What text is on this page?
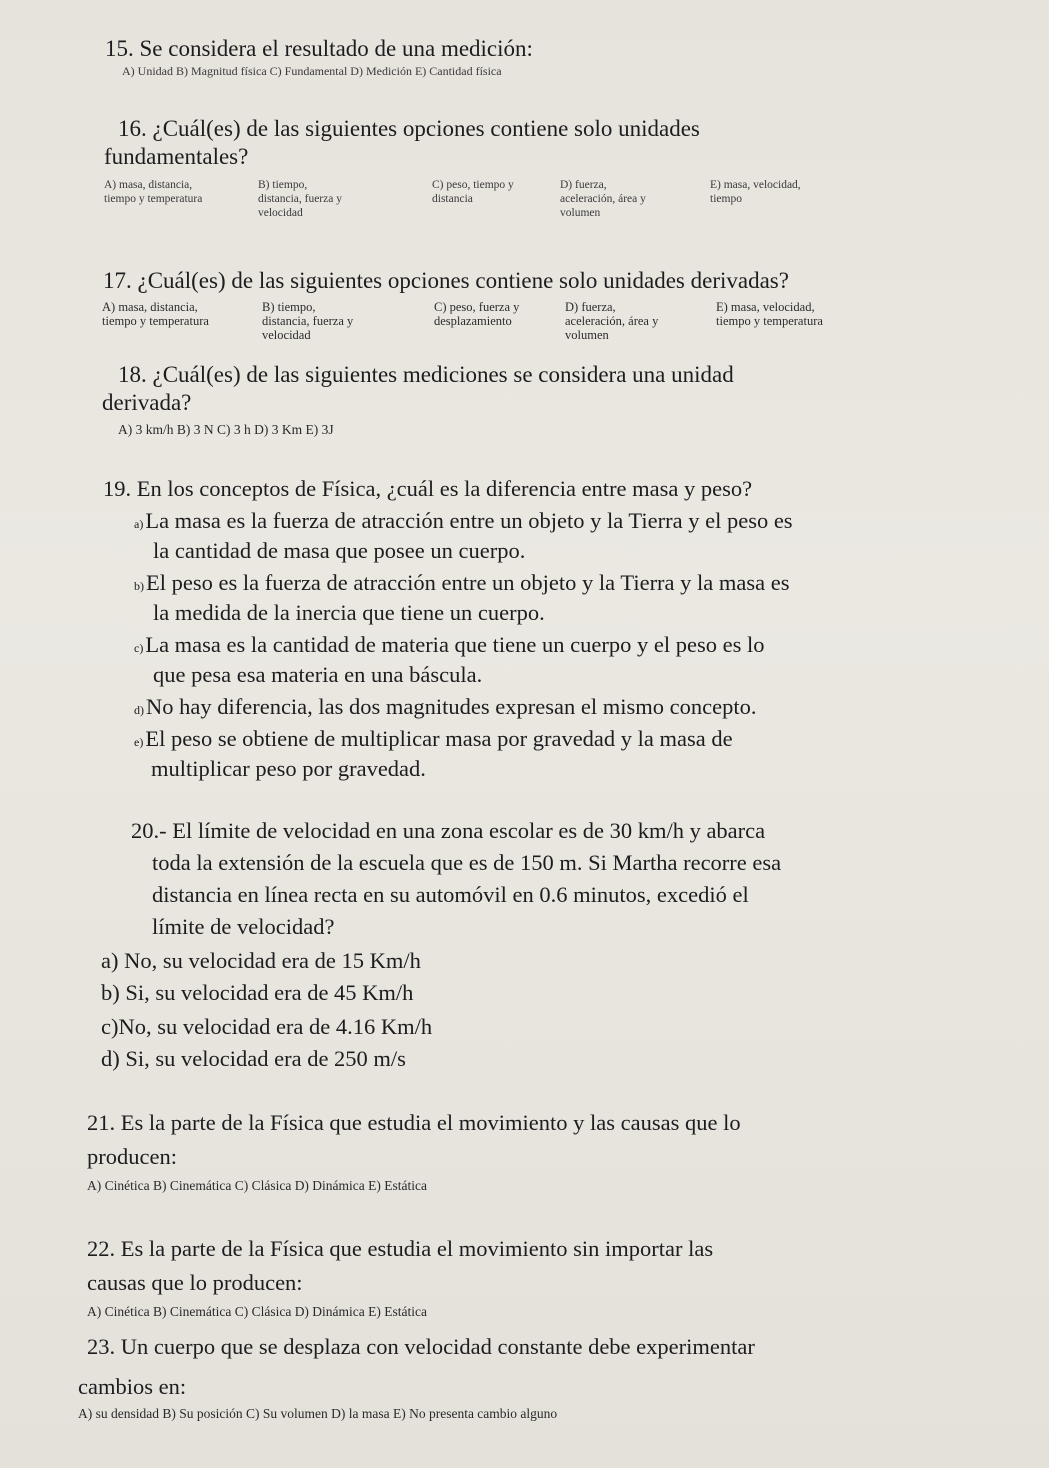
15. Se considera el resultado de una medición:
A) Unidad B) Magnitud física C) Fundamental D) Medición E) Cantidad física
16. ¿Cuál(es) de las siguientes opciones contiene solo unidades
fundamentales?
A) masa, distancia,
tiempo y temperatura
B) tiempo,
distancia, fuerza y
velocidad
C) peso, tiempo y
distancia
D) fuerza,
aceleración, área y
volumen
E) masa, velocidad,
tiempo
17. ¿Cuál(es) de las siguientes opciones contiene solo unidades derivadas?
A) masa, distancia,
tiempo y temperatura
B) tiempo,
distancia, fuerza y
velocidad
C) peso, fuerza y
desplazamiento
D) fuerza,
aceleración, área y
volumen
E) masa, velocidad,
tiempo y temperatura
18. ¿Cuál(es) de las siguientes mediciones se considera una unidad
derivada?
A) 3 km/h B) 3 N C) 3 h D) 3 Km E) 3J
19. En los conceptos de Física, ¿cuál es la diferencia entre masa y peso?
a)La masa es la fuerza de atracción entre un objeto y la Tierra y el peso es
la cantidad de masa que posee un cuerpo.
b)El peso es la fuerza de atracción entre un objeto y la Tierra y la masa es
la medida de la inercia que tiene un cuerpo.
c)La masa es la cantidad de materia que tiene un cuerpo y el peso es lo
que pesa esa materia en una báscula.
d)No hay diferencia, las dos magnitudes expresan el mismo concepto.
e)El peso se obtiene de multiplicar masa por gravedad y la masa de
multiplicar peso por gravedad.
20.- El límite de velocidad en una zona escolar es de 30 km/h y abarca
toda la extensión de la escuela que es de 150 m. Si Martha recorre esa
distancia en línea recta en su automóvil en 0.6 minutos, excedió el
límite de velocidad?
a) No, su velocidad era de 15 Km/h
b) Si, su velocidad era de 45 Km/h
c)No, su velocidad era de 4.16 Km/h
d) Si, su velocidad era de 250 m/s
21. Es la parte de la Física que estudia el movimiento y las causas que lo
producen:
A) Cinética B) Cinemática C) Clásica D) Dinámica E) Estática
22. Es la parte de la Física que estudia el movimiento sin importar las
causas que lo producen:
A) Cinética B) Cinemática C) Clásica D) Dinámica E) Estática
23. Un cuerpo que se desplaza con velocidad constante debe experimentar
cambios en:
A) su densidad B) Su posición C) Su volumen D) la masa E) No presenta cambio alguno
